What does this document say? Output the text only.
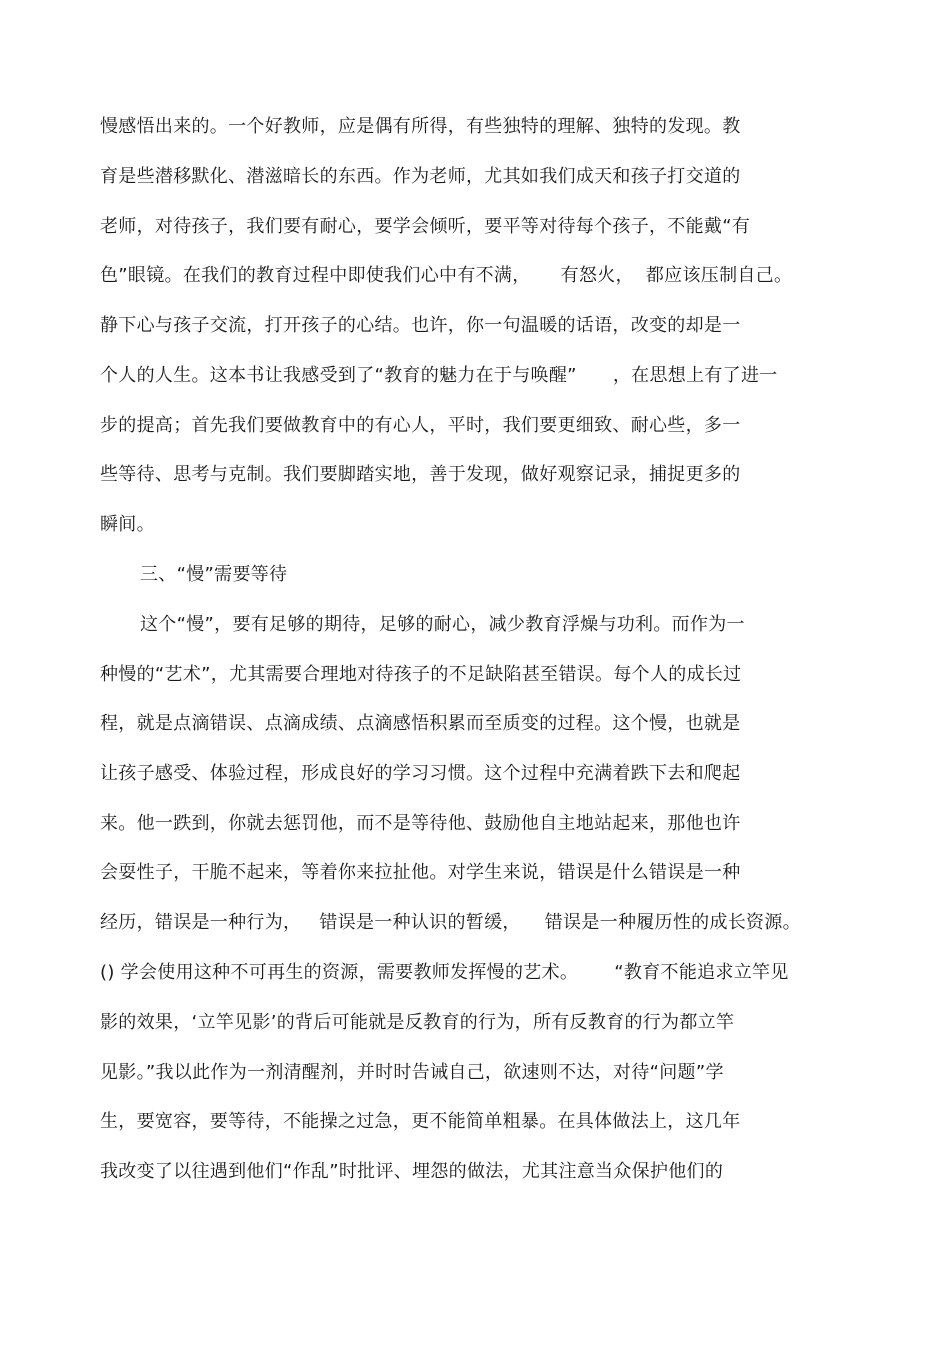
慢感悟出来的。一个好教师，应是偶有所得，有些独特的理解、独特的发现。教
育是些潜移默化、潜滋暗长的东西。作为老师，尤其如我们成天和孩子打交道的
老师，对待孩子，我们要有耐心，要学会倾听，要平等对待每个孩子，不能戴“有
色”眼镜。在我们的教育过程中即使我们心中有不满，     有怒火，  都应该压制自己。
静下心与孩子交流，打开孩子的心结。也许，你一句温暖的话语，改变的却是一
个人的人生。这本书让我感受到了“教育的魅力在于与唤醒”      ，在思想上有了进一
步的提高；首先我们要做教育中的有心人，平时，我们要更细致、耐心些，多一
些等待、思考与克制。我们要脚踏实地，善于发现，做好观察记录，捕捉更多的
瞬间。
三、“慢”需要等待
这个“慢”，要有足够的期待，足够的耐心，减少教育浮燥与功利。而作为一
种慢的“艺术”，尤其需要合理地对待孩子的不足缺陷甚至错误。每个人的成长过
程，就是点滴错误、点滴成绩、点滴感悟积累而至质变的过程。这个慢，也就是
让孩子感受、体验过程，形成良好的学习习惯。这个过程中充满着跌下去和爬起
来。他一跌到，你就去惩罚他，而不是等待他、鼓励他自主地站起来，那他也许
会耍性子，干脆不起来，等着你来拉扯他。对学生来说，错误是什么错误是一种
经历，错误是一种行为，   错误是一种认识的暂缓，    错误是一种履历性的成长资源。
() 学会使用这种不可再生的资源，需要教师发挥慢的艺术。      “教育不能追求立竿见
影的效果，‘立竿见影’的背后可能就是反教育的行为，所有反教育的行为都立竿
见影。”我以此作为一剂清醒剂，并时时告诫自己，欲速则不达，对待“问题”学
生，要宽容，要等待，不能操之过急，更不能简单粗暴。在具体做法上，这几年
我改变了以往遇到他们“作乱”时批评、埋怨的做法，尤其注意当众保护他们的
